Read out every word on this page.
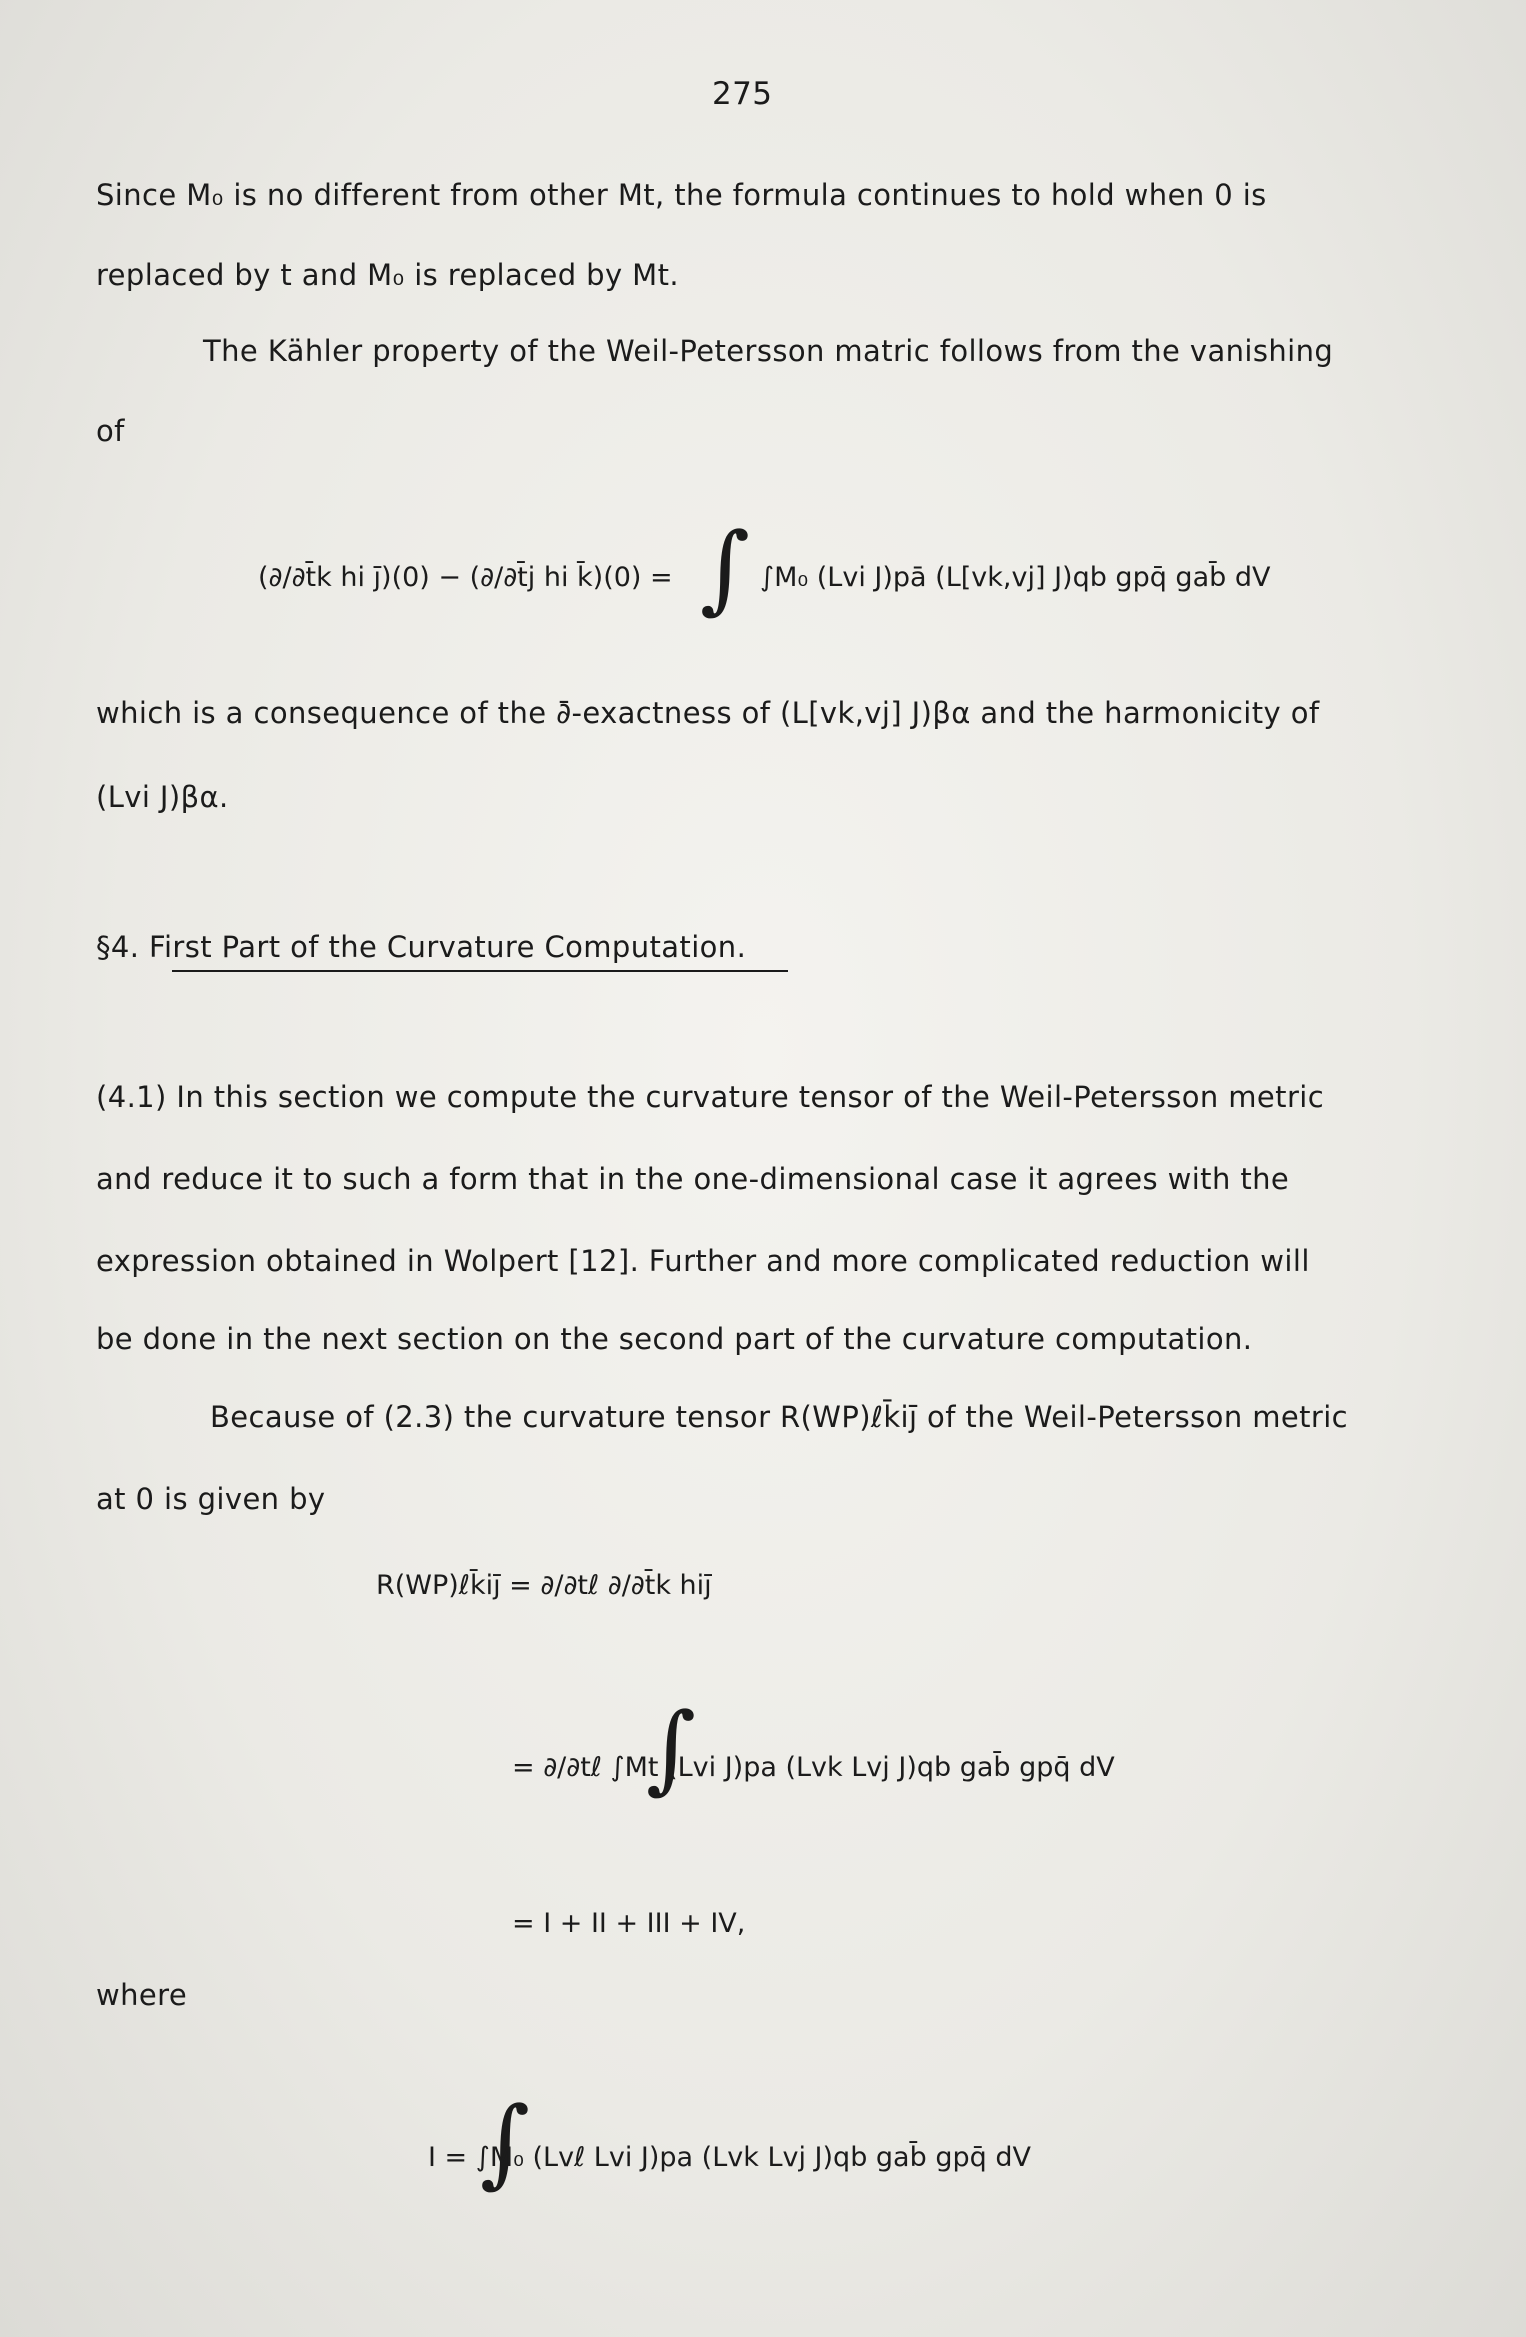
275
Since M₀ is no different from other Mt, the formula continues to hold when 0 is
replaced by t and M₀ is replaced by Mt.
The Kähler property of the Weil-Petersson matric follows from the vanishing
of
(∂/∂t̄k hi j̄)(0) − (∂/∂t̄j hi k̄)(0) = ∫ ∫M₀ (Lvi J)pā (L[vk,vj] J)qb gpq̄ gab̄ dV
which is a consequence of the ∂̄-exactness of (L[vk,vj] J)βα and the harmonicity of
(Lvi J)βα.
§4. First Part of the Curvature Computation.
(4.1) In this section we compute the curvature tensor of the Weil-Petersson metric
and reduce it to such a form that in the one-dimensional case it agrees with the
expression obtained in Wolpert [12]. Further and more complicated reduction will
be done in the next section on the second part of the curvature computation.
Because of (2.3) the curvature tensor R(WP)ℓk̄ij̄ of the Weil-Petersson metric
at 0 is given by
R(WP)ℓk̄ij̄ = ∂/∂tℓ ∂/∂t̄k hij̄
∫
= ∂/∂tℓ ∫Mt (Lvi J)pa (Lvk Lvj J)qb gab̄ gpq̄ dV
= I + II + III + IV,
where
∫
I = ∫M₀ (Lvℓ Lvi J)pa (Lvk Lvj J)qb gab̄ gpq̄ dV
